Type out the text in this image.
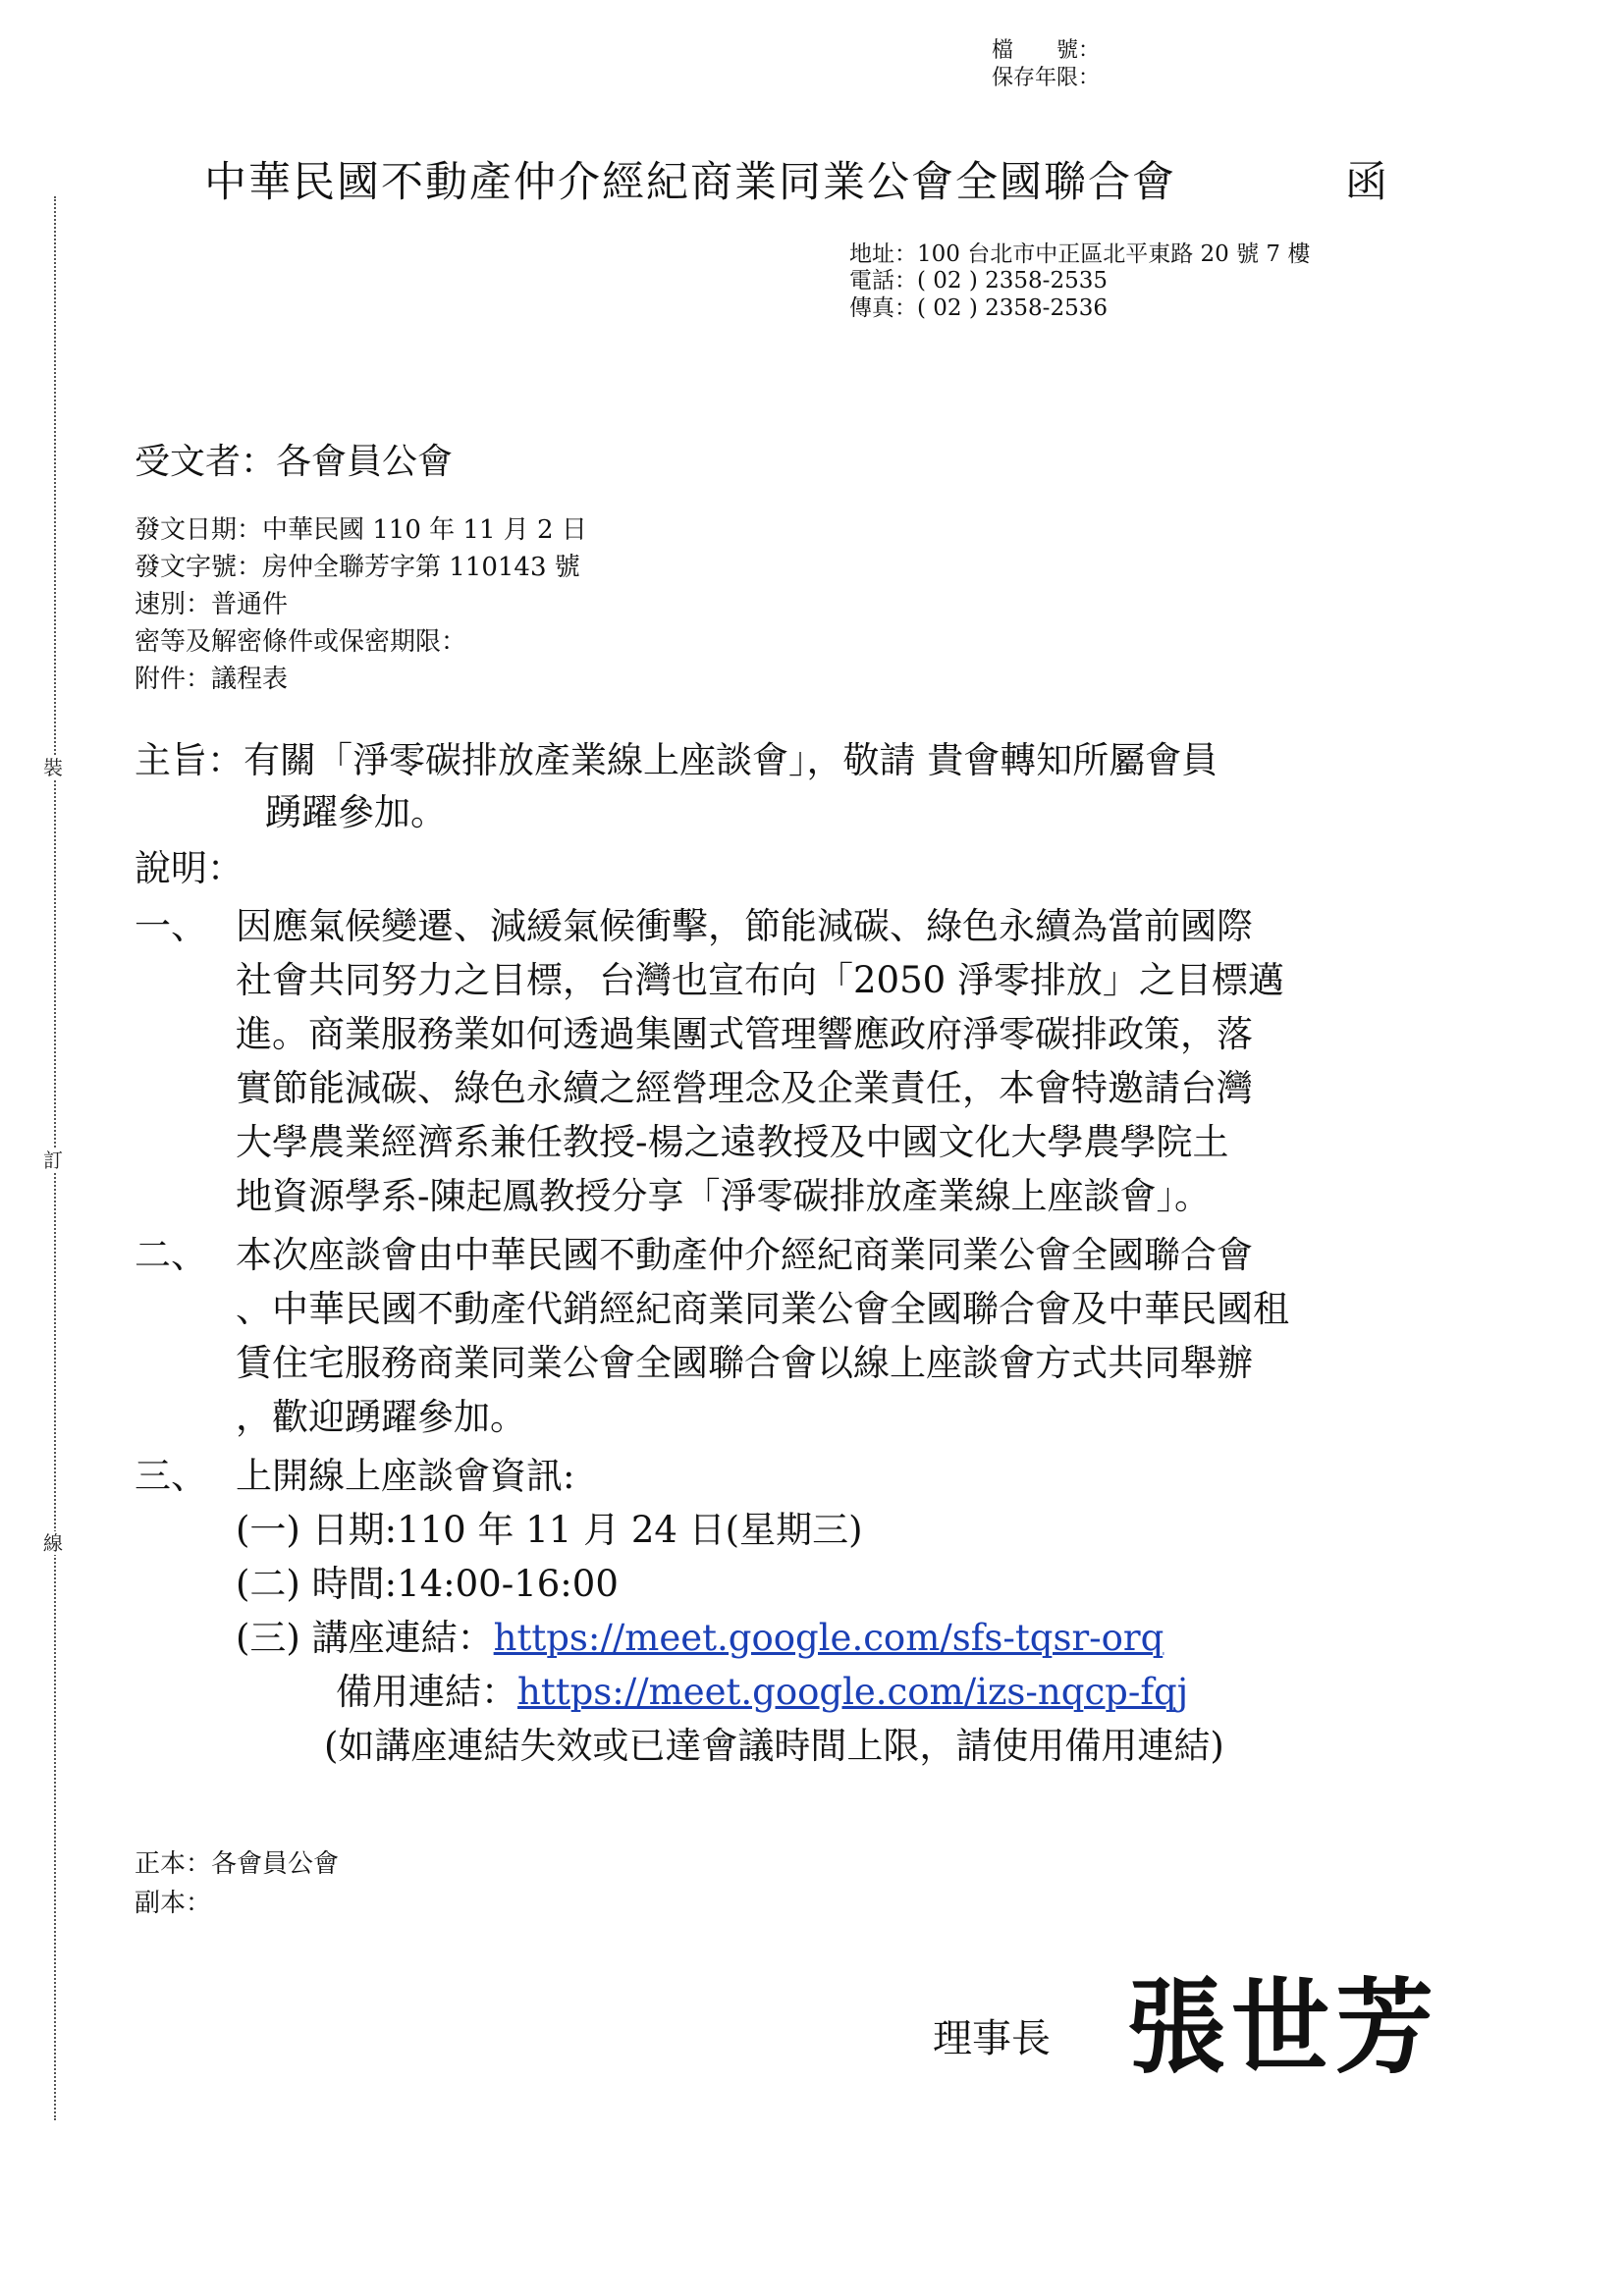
裝
訂
線
檔　　號：
保存年限：
中華民國不動產仲介經紀商業同業公會全國聯合會	函
地址：100 台北市中正區北平東路 20 號 7 樓
電話：( 02 ) 2358-2535
傳真：( 02 ) 2358-2536
受文者：各會員公會
發文日期：中華民國 110 年 11 月 2 日
發文字號：房仲全聯芳字第 110143 號
速別：普通件
密等及解密條件或保密期限：
附件：議程表
主旨：有關「淨零碳排放產業線上座談會」，敬請 貴會轉知所屬會員
踴躍參加。
說明：
一、 因應氣候變遷、減緩氣候衝擊，節能減碳、綠色永續為當前國際
社會共同努力之目標，台灣也宣布向「2050 淨零排放」之目標邁
進。商業服務業如何透過集團式管理響應政府淨零碳排政策，落
實節能減碳、綠色永續之經營理念及企業責任，本會特邀請台灣
大學農業經濟系兼任教授-楊之遠教授及中國文化大學農學院土
地資源學系-陳起鳳教授分享「淨零碳排放產業線上座談會」。
二、 本次座談會由中華民國不動產仲介經紀商業同業公會全國聯合會
、中華民國不動產代銷經紀商業同業公會全國聯合會及中華民國租
賃住宅服務商業同業公會全國聯合會以線上座談會方式共同舉辦
，歡迎踴躍參加。
三、 上開線上座談會資訊:
(一) 日期:110 年 11 月 24 日(星期三)
(二) 時間:14:00-16:00
(三) 講座連結：https://meet.google.com/sfs-tqsr-orq
備用連結：https://meet.google.com/izs-nqcp-fqj
(如講座連結失效或已達會議時間上限，請使用備用連結)
正本：各會員公會
副本：
理事長 張世芳
